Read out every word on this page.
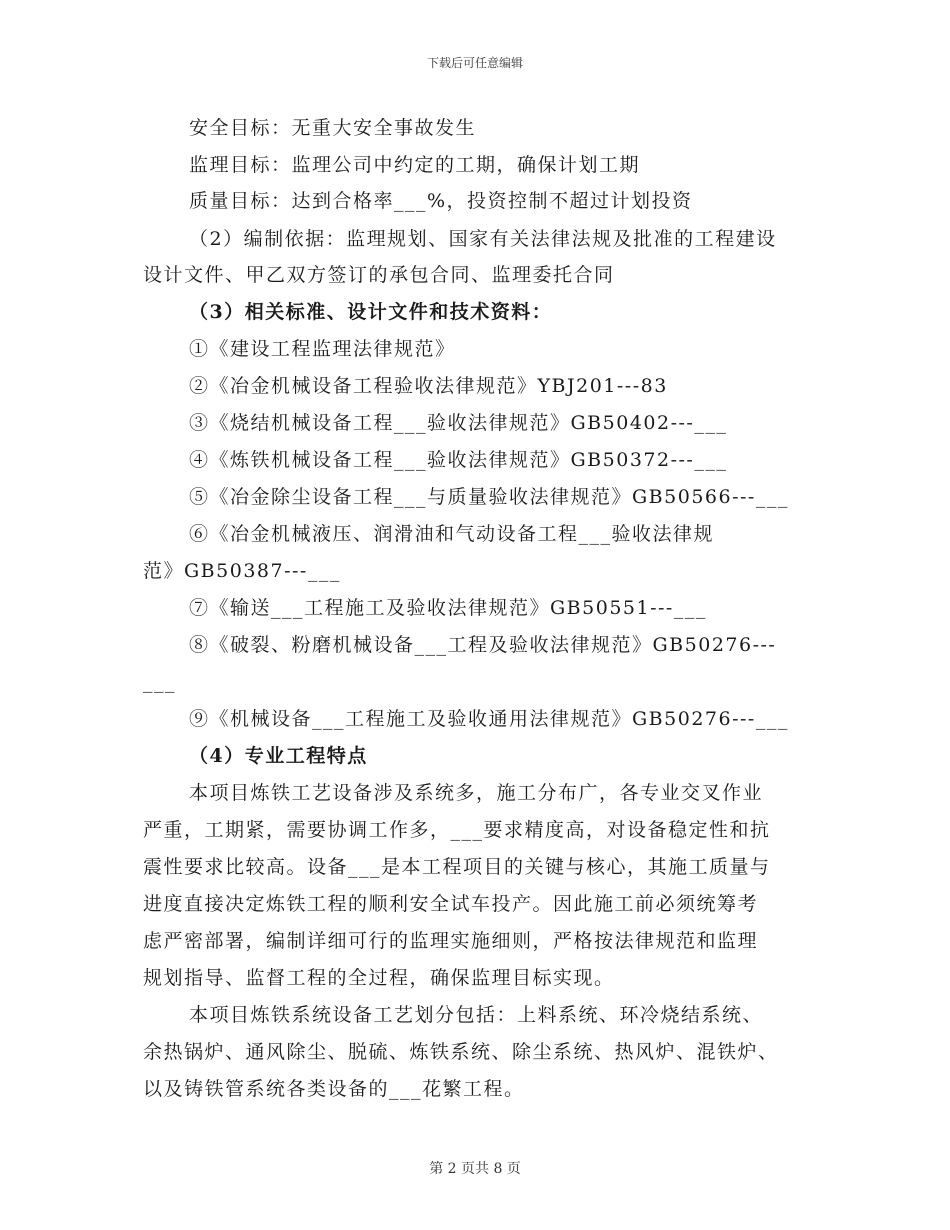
下载后可任意编辑
安全目标：无重大安全事故发生
监理目标：监理公司中约定的工期，确保计划工期
质量目标：达到合格率___%，投资控制不超过计划投资
（2）编制依据：监理规划、国家有关法律法规及批准的工程建设
设计文件、甲乙双方签订的承包合同、监理委托合同
（3）相关标准、设计文件和技术资料：
①《建设工程监理法律规范》
②《冶金机械设备工程验收法律规范》YBJ201---83
③《烧结机械设备工程___验收法律规范》GB50402---___
④《炼铁机械设备工程___验收法律规范》GB50372---___
⑤《冶金除尘设备工程___与质量验收法律规范》GB50566---___
⑥《冶金机械液压、润滑油和气动设备工程___验收法律规
范》GB50387---___
⑦《输送___工程施工及验收法律规范》GB50551---___
⑧《破裂、粉磨机械设备___工程及验收法律规范》GB50276---
___
⑨《机械设备___工程施工及验收通用法律规范》GB50276---___
（4）专业工程特点
本项目炼铁工艺设备涉及系统多，施工分布广，各专业交叉作业
严重，工期紧，需要协调工作多，___要求精度高，对设备稳定性和抗
震性要求比较高。设备___是本工程项目的关键与核心，其施工质量与
进度直接决定炼铁工程的顺利安全试车投产。因此施工前必须统筹考
虑严密部署，编制详细可行的监理实施细则，严格按法律规范和监理
规划指导、监督工程的全过程，确保监理目标实现。
本项目炼铁系统设备工艺划分包括：上料系统、环冷烧结系统、
余热锅炉、通风除尘、脱硫、炼铁系统、除尘系统、热风炉、混铁炉、
以及铸铁管系统各类设备的___花繁工程。
第 2 页共 8 页
